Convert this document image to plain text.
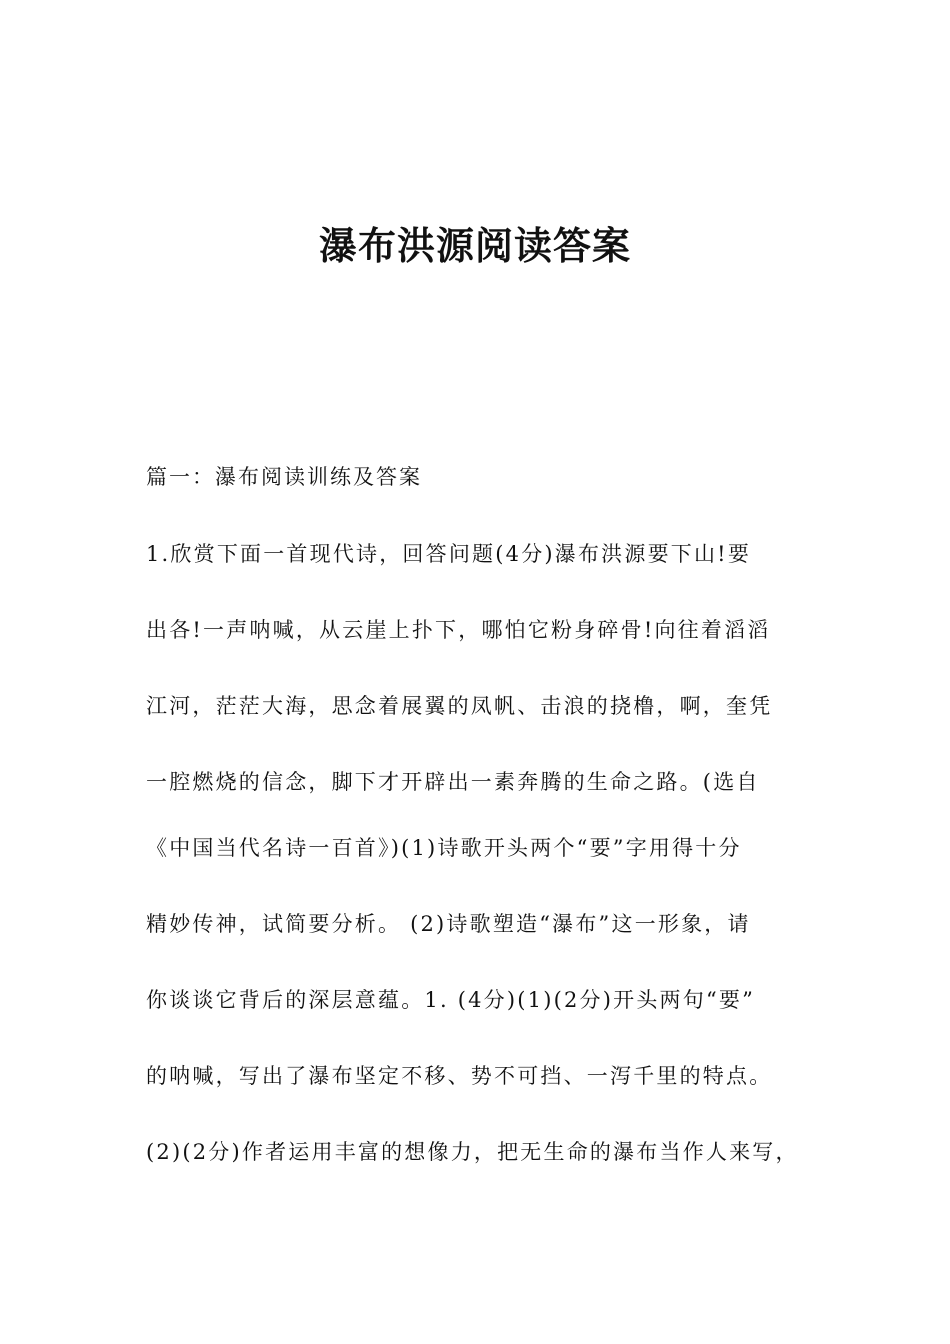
瀑布洪源阅读答案

篇一：瀑布阅读训练及答案

1.欣赏下面一首现代诗，回答问题(4分)瀑布洪源要下山!要

出各!一声呐喊，从云崖上扑下，哪怕它粉身碎骨!向往着滔滔

江河，茫茫大海，思念着展翼的凤帆、击浪的挠橹，啊，奎凭

一腔燃烧的信念，脚下才开辟出一素奔腾的生命之路。(选自

《中国当代名诗一百首》)(1)诗歌开头两个“要”字用得十分

精妙传神，试简要分析。 (2)诗歌塑造“瀑布”这一形象，请

你谈谈它背后的深层意蕴。1. (4分)(1)(2分)开头两句“要”

的呐喊，写出了瀑布坚定不移、势不可挡、一泻千里的特点。

(2)(2分)作者运用丰富的想像力，把无生命的瀑布当作人来写，
